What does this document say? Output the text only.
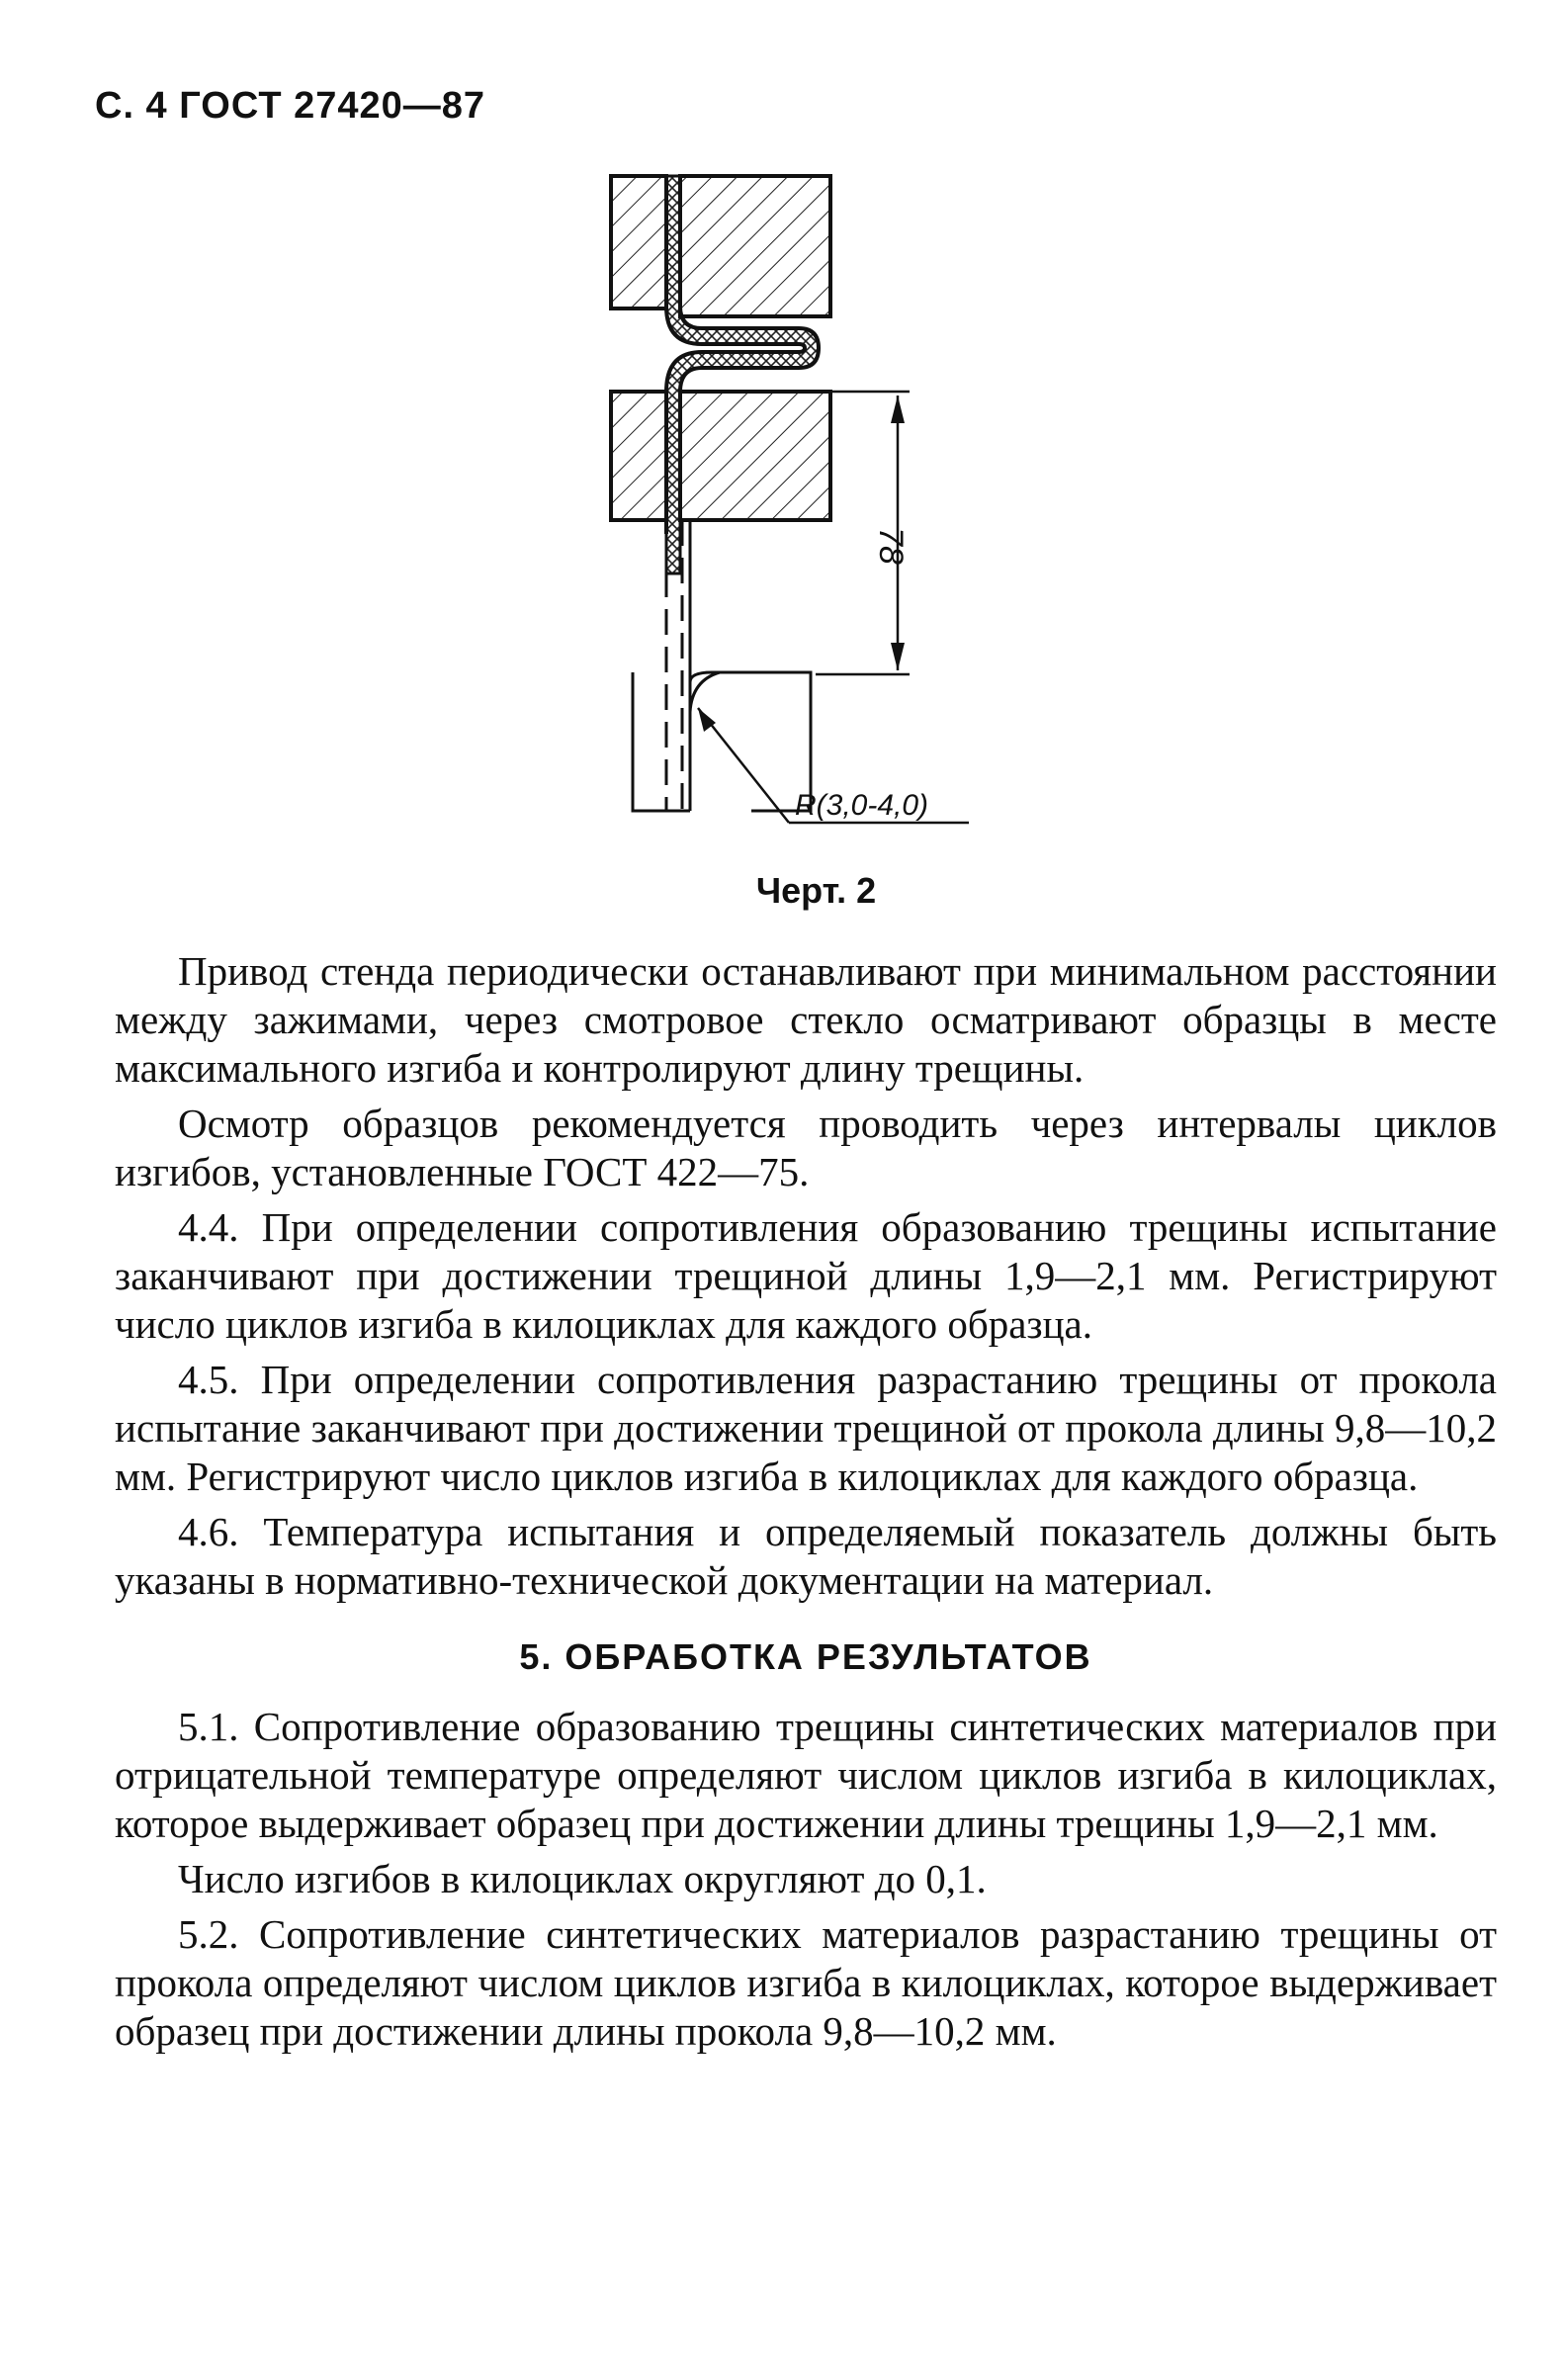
С. 4 ГОСТ 27420—87
78
R(3,0-4,0)
Черт. 2

Привод стенда периодически останавливают при минимальном расстоянии между зажимами, через смотровое стекло осматривают образцы в месте максимального изгиба и контролируют длину трещины.

Осмотр образцов рекомендуется проводить через интервалы циклов изгибов, установленные ГОСТ 422—75.

4.4. При определении сопротивления образованию трещины испытание заканчивают при достижении трещиной длины 1,9—2,1 мм. Регистрируют число циклов изгиба в килоциклах для каждого образца.

4.5. При определении сопротивления разрастанию трещины от прокола испытание заканчивают при достижении трещиной от прокола длины 9,8—10,2 мм. Регистрируют число циклов изгиба в килоциклах для каждого образца.

4.6. Температура испытания и определяемый показатель должны быть указаны в нормативно-технической документации на материал.

5. ОБРАБОТКА РЕЗУЛЬТАТОВ

5.1. Сопротивление образованию трещины синтетических материалов при отрицательной температуре определяют числом циклов изгиба в килоциклах, которое выдерживает образец при достижении длины трещины 1,9—2,1 мм.

Число изгибов в килоциклах округляют до 0,1.

5.2. Сопротивление синтетических материалов разрастанию трещины от прокола определяют числом циклов изгиба в килоциклах, которое выдерживает образец при достижении длины прокола 9,8—10,2 мм.
